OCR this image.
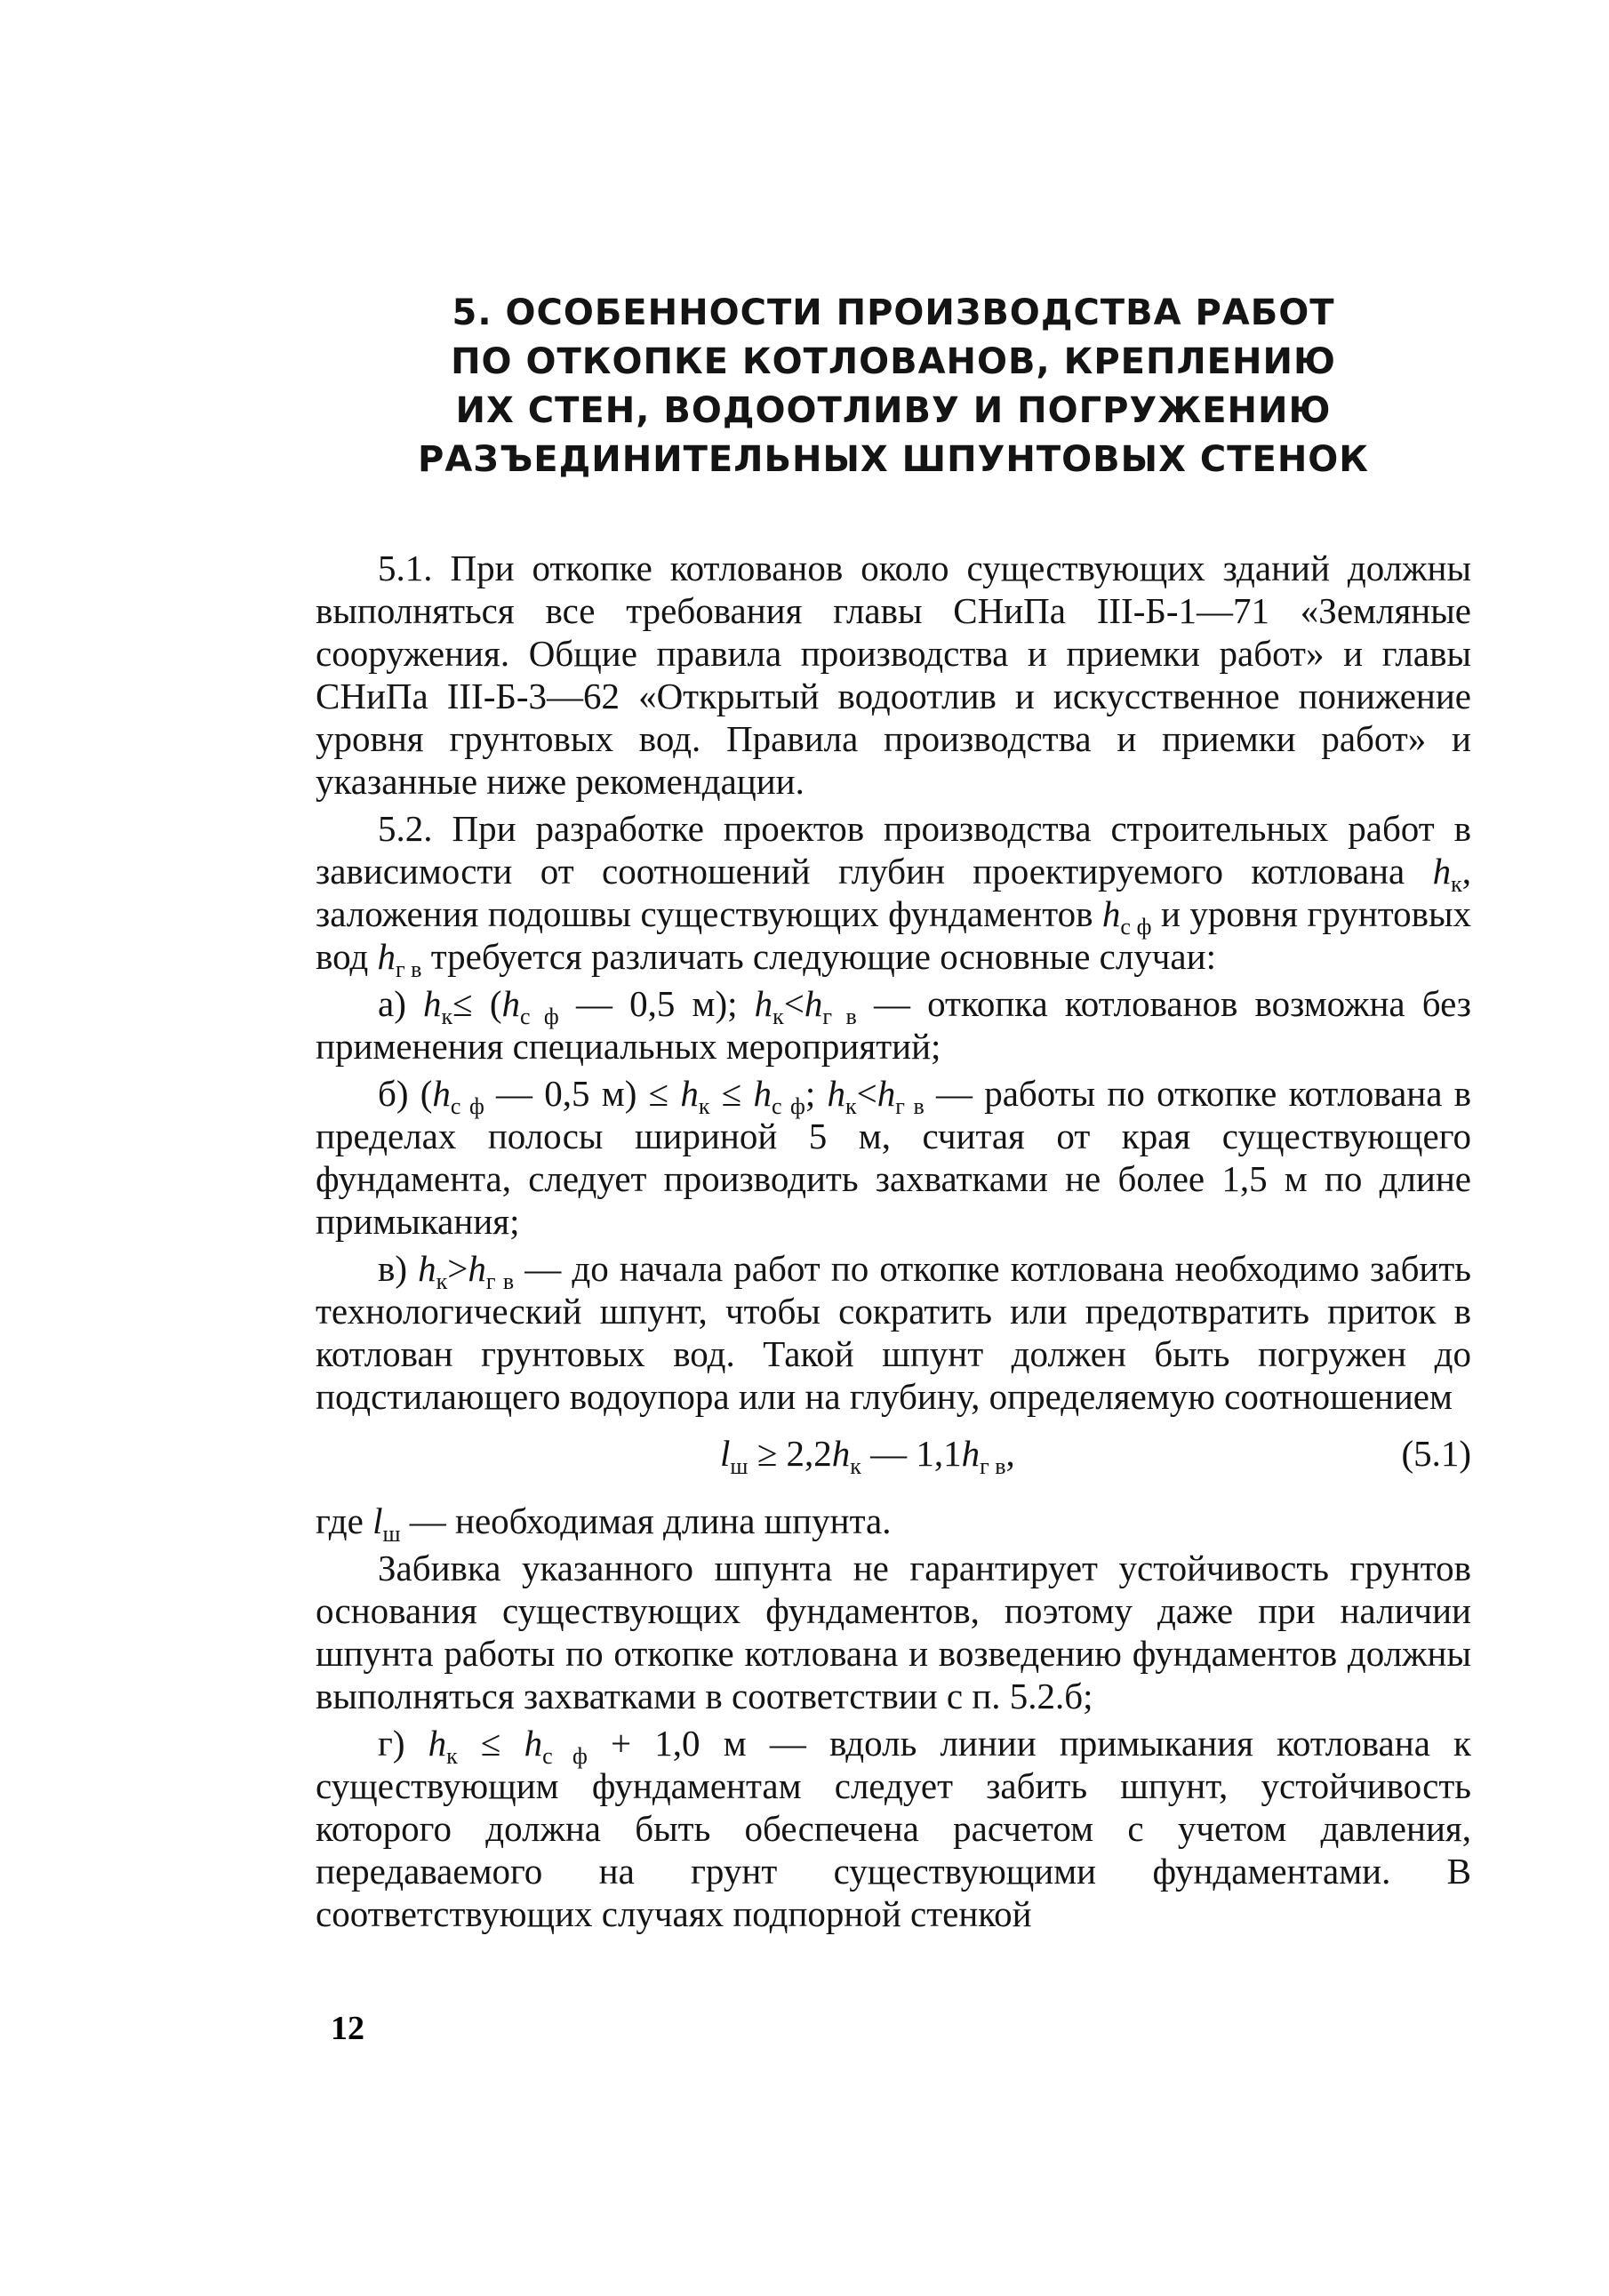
5. ОСОБЕННОСТИ ПРОИЗВОДСТВА РАБОТ
ПО ОТКОПКЕ КОТЛОВАНОВ, КРЕПЛЕНИЮ
ИХ СТЕН, ВОДООТЛИВУ И ПОГРУЖЕНИЮ
РАЗЪЕДИНИТЕЛЬНЫХ ШПУНТОВЫХ СТЕНОК

5.1. При откопке котлованов около существующих зданий должны выполняться все требования главы СНиПа III-Б-1—71 «Земляные сооружения. Общие правила производства и приемки работ» и главы СНиПа III-Б-3—62 «Открытый водоотлив и искусственное понижение уровня грунтовых вод. Правила производства и приемки работ» и указанные ниже рекомендации.

5.2. При разработке проектов производства строительных работ в зависимости от соотношений глубин проектируемого котлована $h_к$, заложения подошвы существующих фундаментов $h_{с ф}$ и уровня грунтовых вод $h_{г в}$ требуется различать следующие основные случаи:

а) $h_к\le (h_{с ф}$ — 0,5 м); $h_к<h_{г в}$ — откопка котлованов возможна без применения специальных мероприятий;

б) ($h_{с ф}$ — 0,5 $м) \le h_к \le h_{с ф}$; $h_к<h_{г в}$ — работы по откопке котлована в пределах полосы шириной 5 м, считая от края существующего фундамента, следует производить захватками не более 1,5 м по длине примыкания;

в) $h_к>h_{г в}$ — до начала работ по откопке котлована необходимо забить технологический шпунт, чтобы сократить или предотвратить приток в котлован грунтовых вод. Такой шпунт должен быть погружен до подстилающего водоупора или на глубину, определяемую соотношением

$l_ш \ge 2,2h_к$ — $1,1h_{г в}$,	(5.1)

где $l_ш$ — необходимая длина шпунта.

Забивка указанного шпунта не гарантирует устойчивость грунтов основания существующих фундаментов, поэтому даже при наличии шпунта работы по откопке котлована и возведению фундаментов должны выполняться захватками в соответствии с п. 5.2.б;

г) $h_к \le h_{с ф} + 1,0$ м — вдоль линии примыкания котлована к существующим фундаментам следует забить шпунт, устойчивость которого должна быть обеспечена расчетом с учетом давления, передаваемого на грунт существующими фундаментами. В соответствующих случаях подпорной стенкой

12
